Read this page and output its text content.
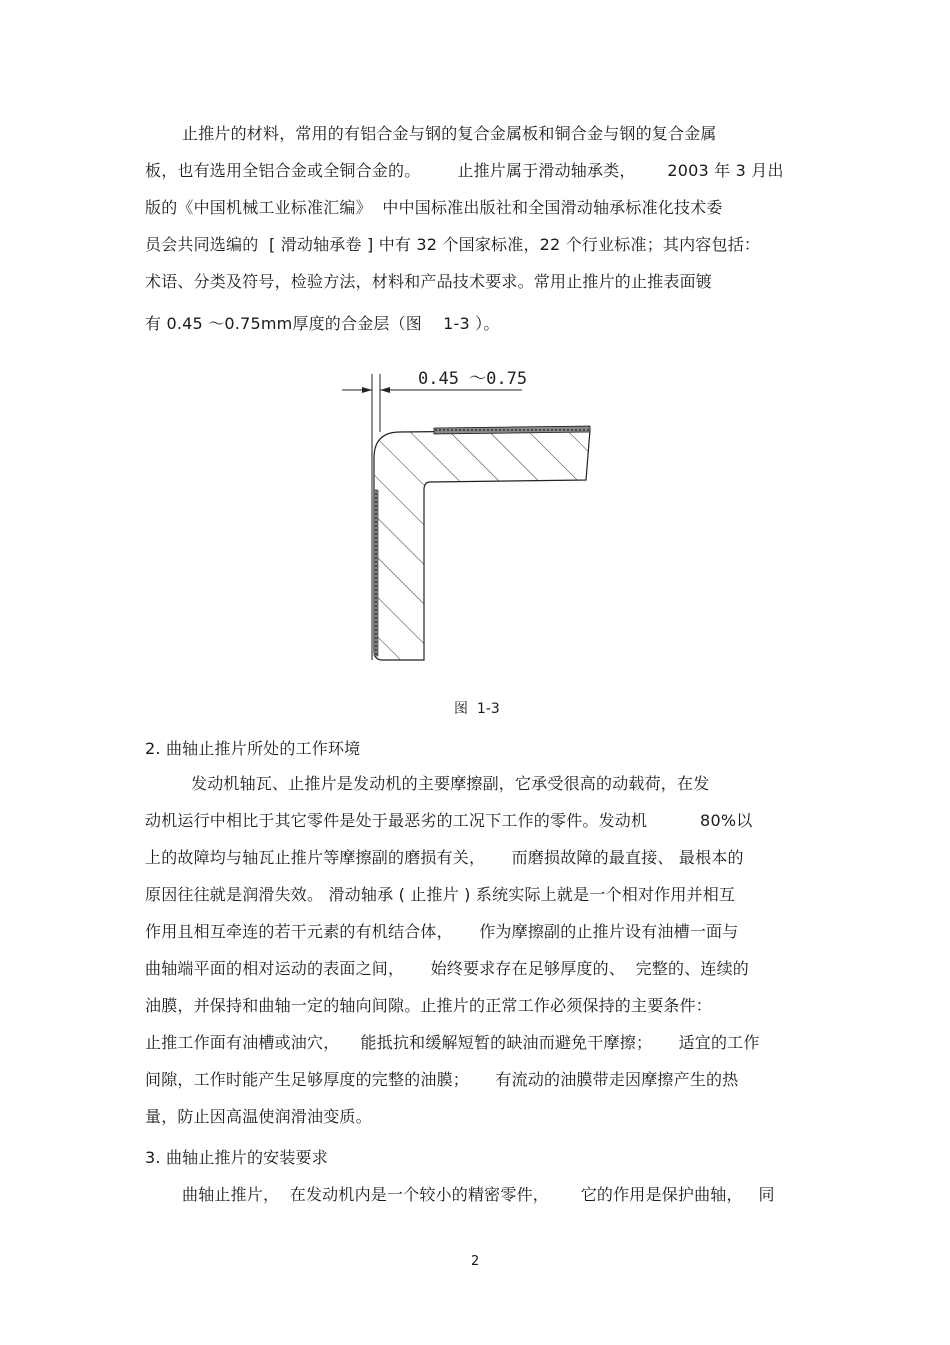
止推片的材料，常用的有铝合金与钢的复合金属板和铜合金与钢的复合金属
板，也有选用全铝合金或全铜合金的。       止推片属于滑动轴承类，      2003 年 3 月出
版的《中国机械工业标准汇编》  中中国标准出版社和全国滑动轴承标准化技术委
员会共同选编的  [ 滑动轴承卷 ] 中有 32 个国家标准，22 个行业标准；其内容包括：
术语、分类及符号，检验方法，材料和产品技术要求。常用止推片的止推表面镀
有 0.45 ～0.75mm厚度的合金层（图    1-3 ）。
0.45 ～0.75
图  1-3
2. 曲轴止推片所处的工作环境
发动机轴瓦、止推片是发动机的主要摩擦副，它承受很高的动载荷，在发
动机运行中相比于其它零件是处于最恶劣的工况下工作的零件。发动机          80%以
上的故障均与轴瓦止推片等摩擦副的磨损有关，     而磨损故障的最直接、 最根本的
原因往往就是润滑失效。 滑动轴承 ( 止推片 ) 系统实际上就是一个相对作用并相互
作用且相互牵连的若干元素的有机结合体，     作为摩擦副的止推片设有油槽一面与
曲轴端平面的相对运动的表面之间，     始终要求存在足够厚度的、  完整的、连续的
油膜，并保持和曲轴一定的轴向间隙。止推片的正常工作必须保持的主要条件：
止推工作面有油槽或油穴，    能抵抗和缓解短暂的缺油而避免干摩擦；     适宜的工作
间隙，工作时能产生足够厚度的完整的油膜；     有流动的油膜带走因摩擦产生的热
量，防止因高温使润滑油变质。
3. 曲轴止推片的安装要求
曲轴止推片，  在发动机内是一个较小的精密零件，      它的作用是保护曲轴，   同
2
